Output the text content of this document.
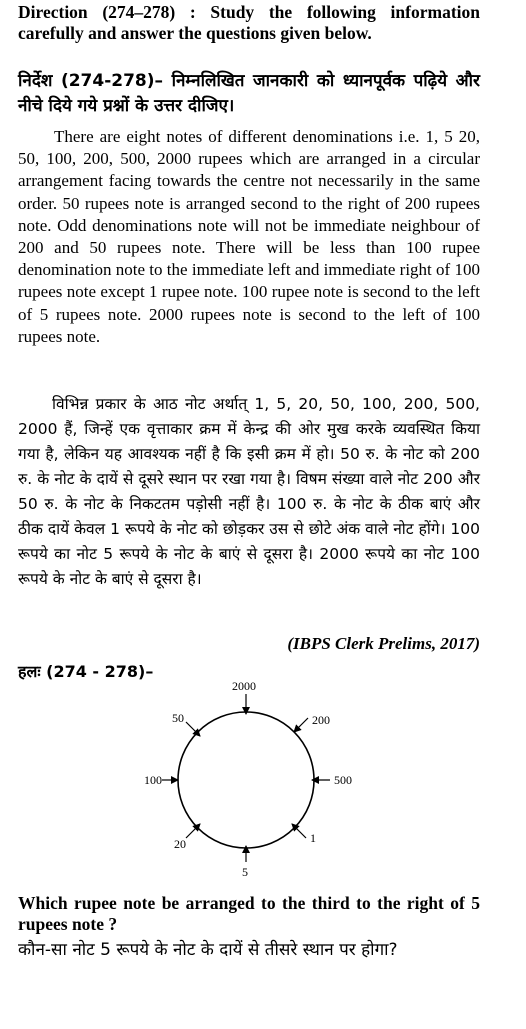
Direction (274–278) : Study the following information carefully and answer the questions given below.

निर्देश (274-278)– निम्नलिखित जानकारी को ध्यानपूर्वक पढ़िये और नीचे दिये गये प्रश्नों के उत्तर दीजिए।

There are eight notes of different denominations i.e. 1, 5 20, 50, 100, 200, 500, 2000 rupees which are arranged in a circular arrangement facing towards the centre not necessarily in the same order. 50 rupees note is arranged second to the right of 200 rupees note. Odd denominations note will not be immediate neighbour of 200 and 50 rupees note. There will be less than 100 rupee denomination note to the immediate left and immediate right of 100 rupees note except 1 rupee note. 100 rupee note is second to the left of 5 rupees note. 2000 rupees note is second to the left of 100 rupees note.

विभिन्न प्रकार के आठ नोट अर्थात् 1, 5, 20, 50, 100, 200, 500, 2000 हैं, जिन्हें एक वृत्ताकार क्रम में केन्द्र की ओर मुख करके व्यवस्थित किया गया है, लेकिन यह आवश्यक नहीं है कि इसी क्रम में हो। 50 रु. के नोट को 200 रु. के नोट के दायें से दूसरे स्थान पर रखा गया है। विषम संख्या वाले नोट 200 और 50 रु. के नोट के निकटतम पड़ोसी नहीं है। 100 रु. के नोट के ठीक बाएं और ठीक दायें केवल 1 रूपये के नोट को छोड़कर उस से छोटे अंक वाले नोट होंगे। 100 रूपये का नोट 5 रूपये के नोट के बाएं से दूसरा है। 2000 रूपये का नोट 100 रूपये के नोट के बाएं से दूसरा है।

(IBPS Clerk Prelims, 2017)
हलः (274 - 278)–
2000
200
500
1
5
20
100
50

Which rupee note be arranged to the third to the right of 5 rupees note ?

कौन-सा नोट 5 रूपये के नोट के दायें से तीसरे स्थान पर होगा?
